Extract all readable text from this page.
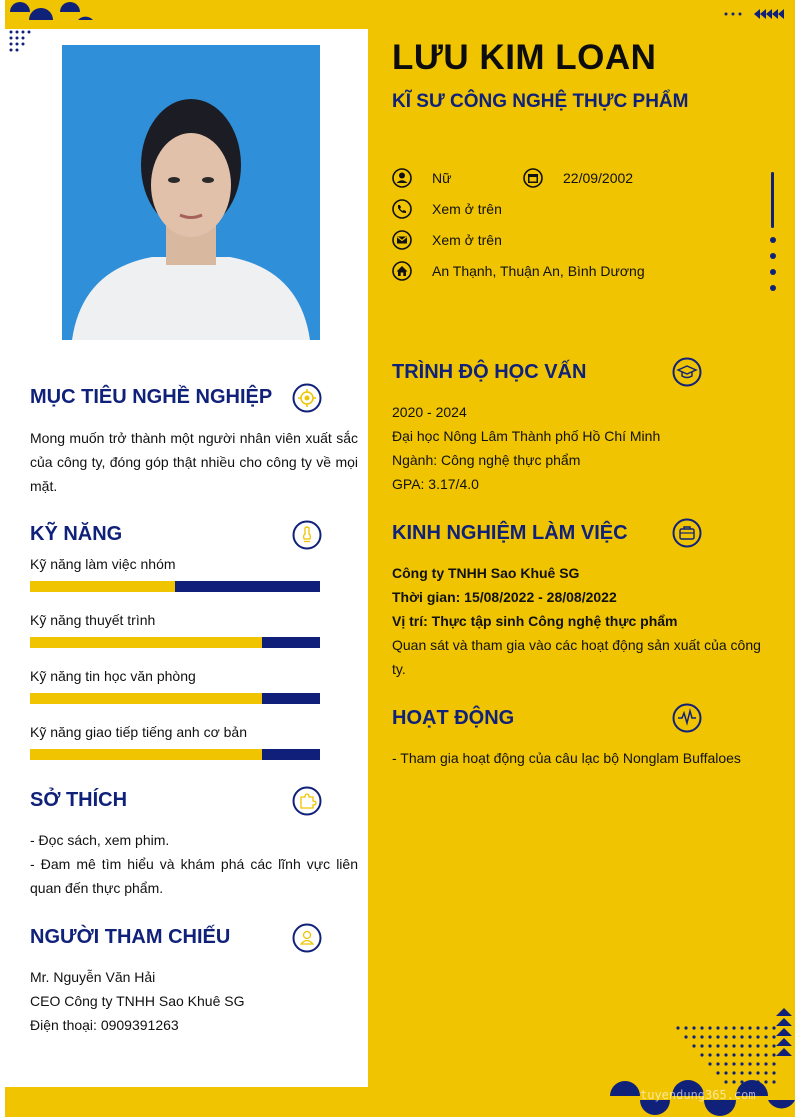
LƯU KIM LOAN
KĨ SƯ CÔNG NGHỆ THỰC PHẨM
Nữ	22/09/2002
Xem ở trên
Xem ở trên
An Thạnh, Thuận An, Bình Dương
MỤC TIÊU NGHỀ NGHIỆP
Mong muốn trở thành một người nhân viên xuất sắc của công ty, đóng góp thật nhiều cho công ty về mọi mặt.
KỸ NĂNG
Kỹ năng làm việc nhóm
Kỹ năng thuyết trình
Kỹ năng tin học văn phòng
Kỹ năng giao tiếp tiếng anh cơ bản
SỞ THÍCH
- Đọc sách, xem phim.
- Đam mê tìm hiểu và khám phá các lĩnh vực liên quan đến thực phẩm.
NGƯỜI THAM CHIẾU
Mr. Nguyễn Văn Hải
CEO Công ty TNHH Sao Khuê SG
Điện thoại: 0909391263
TRÌNH ĐỘ HỌC VẤN
2020 - 2024
Đại học Nông Lâm Thành phố Hồ Chí Minh
Ngành: Công nghệ thực phẩm
GPA: 3.17/4.0
KINH NGHIỆM LÀM VIỆC
Công ty TNHH Sao Khuê SG
Thời gian: 15/08/2022 - 28/08/2022
Vị trí: Thực tập sinh Công nghệ thực phẩm
Quan sát và tham gia vào các hoạt động sản xuất của công ty.
HOẠT ĐỘNG
- Tham gia hoạt động của câu lạc bộ Nonglam Buffaloes
tuyendung365.com
